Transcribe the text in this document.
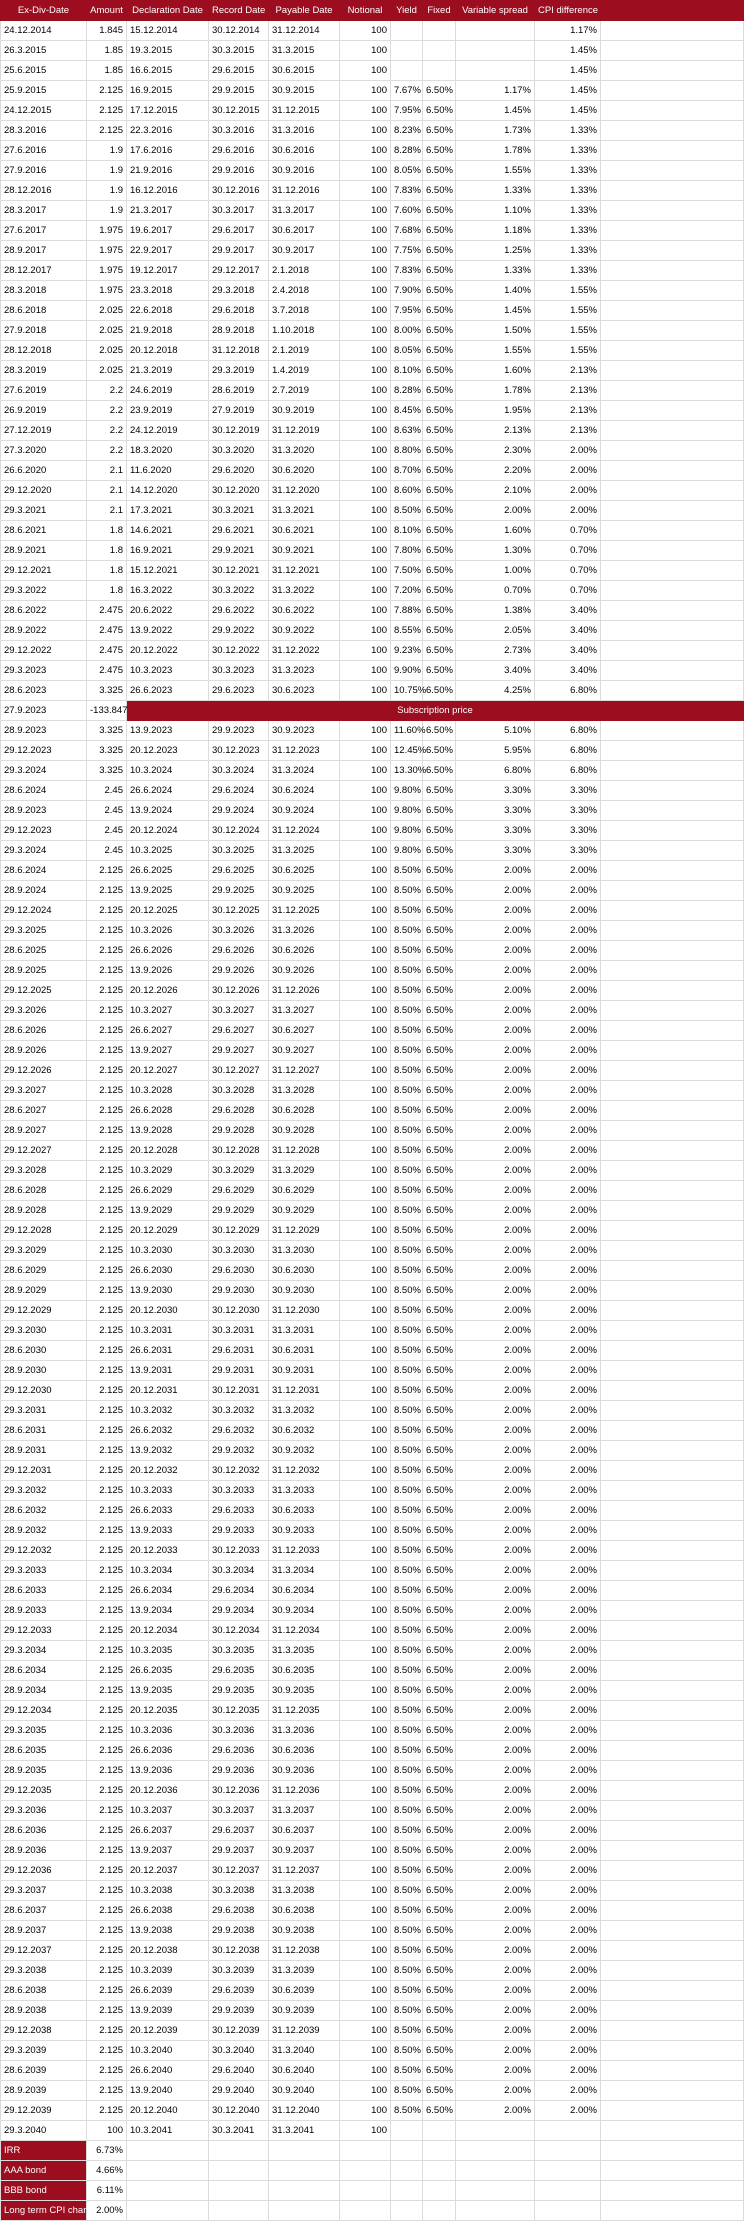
Ex-Div-Date	Amount	Declaration Date	Record Date	Payable Date	Notional	Yield	Fixed	Variable spread	CPI difference	
24.12.2014	1.845	15.12.2014	30.12.2014	31.12.2014	100				1.17%	
26.3.2015	1.85	19.3.2015	30.3.2015	31.3.2015	100				1.45%	
25.6.2015	1.85	16.6.2015	29.6.2015	30.6.2015	100				1.45%	
25.9.2015	2.125	16.9.2015	29.9.2015	30.9.2015	100	7.67%	6.50%	1.17%	1.45%	
24.12.2015	2.125	17.12.2015	30.12.2015	31.12.2015	100	7.95%	6.50%	1.45%	1.45%	
28.3.2016	2.125	22.3.2016	30.3.2016	31.3.2016	100	8.23%	6.50%	1.73%	1.33%	
27.6.2016	1.9	17.6.2016	29.6.2016	30.6.2016	100	8.28%	6.50%	1.78%	1.33%	
27.9.2016	1.9	21.9.2016	29.9.2016	30.9.2016	100	8.05%	6.50%	1.55%	1.33%	
28.12.2016	1.9	16.12.2016	30.12.2016	31.12.2016	100	7.83%	6.50%	1.33%	1.33%	
28.3.2017	1.9	21.3.2017	30.3.2017	31.3.2017	100	7.60%	6.50%	1.10%	1.33%	
27.6.2017	1.975	19.6.2017	29.6.2017	30.6.2017	100	7.68%	6.50%	1.18%	1.33%	
28.9.2017	1.975	22.9.2017	29.9.2017	30.9.2017	100	7.75%	6.50%	1.25%	1.33%	
28.12.2017	1.975	19.12.2017	29.12.2017	2.1.2018	100	7.83%	6.50%	1.33%	1.33%	
28.3.2018	1.975	23.3.2018	29.3.2018	2.4.2018	100	7.90%	6.50%	1.40%	1.55%	
28.6.2018	2.025	22.6.2018	29.6.2018	3.7.2018	100	7.95%	6.50%	1.45%	1.55%	
27.9.2018	2.025	21.9.2018	28.9.2018	1.10.2018	100	8.00%	6.50%	1.50%	1.55%	
28.12.2018	2.025	20.12.2018	31.12.2018	2.1.2019	100	8.05%	6.50%	1.55%	1.55%	
28.3.2019	2.025	21.3.2019	29.3.2019	1.4.2019	100	8.10%	6.50%	1.60%	2.13%	
27.6.2019	2.2	24.6.2019	28.6.2019	2.7.2019	100	8.28%	6.50%	1.78%	2.13%	
26.9.2019	2.2	23.9.2019	27.9.2019	30.9.2019	100	8.45%	6.50%	1.95%	2.13%	
27.12.2019	2.2	24.12.2019	30.12.2019	31.12.2019	100	8.63%	6.50%	2.13%	2.13%	
27.3.2020	2.2	18.3.2020	30.3.2020	31.3.2020	100	8.80%	6.50%	2.30%	2.00%	
26.6.2020	2.1	11.6.2020	29.6.2020	30.6.2020	100	8.70%	6.50%	2.20%	2.00%	
29.12.2020	2.1	14.12.2020	30.12.2020	31.12.2020	100	8.60%	6.50%	2.10%	2.00%	
29.3.2021	2.1	17.3.2021	30.3.2021	31.3.2021	100	8.50%	6.50%	2.00%	2.00%	
28.6.2021	1.8	14.6.2021	29.6.2021	30.6.2021	100	8.10%	6.50%	1.60%	0.70%	
28.9.2021	1.8	16.9.2021	29.9.2021	30.9.2021	100	7.80%	6.50%	1.30%	0.70%	
29.12.2021	1.8	15.12.2021	30.12.2021	31.12.2021	100	7.50%	6.50%	1.00%	0.70%	
29.3.2022	1.8	16.3.2022	30.3.2022	31.3.2022	100	7.20%	6.50%	0.70%	0.70%	
28.6.2022	2.475	20.6.2022	29.6.2022	30.6.2022	100	7.88%	6.50%	1.38%	3.40%	
28.9.2022	2.475	13.9.2022	29.9.2022	30.9.2022	100	8.55%	6.50%	2.05%	3.40%	
29.12.2022	2.475	20.12.2022	30.12.2022	31.12.2022	100	9.23%	6.50%	2.73%	3.40%	
29.3.2023	2.475	10.3.2023	30.3.2023	31.3.2023	100	9.90%	6.50%	3.40%	3.40%	
28.6.2023	3.325	26.6.2023	29.6.2023	30.6.2023	100	10.75%	6.50%	4.25%	6.80%	
27.9.2023	-133.847	Subscription price								
28.9.2023	3.325	13.9.2023	29.9.2023	30.9.2023	100	11.60%	6.50%	5.10%	6.80%	
29.12.2023	3.325	20.12.2023	30.12.2023	31.12.2023	100	12.45%	6.50%	5.95%	6.80%	
29.3.2024	3.325	10.3.2024	30.3.2024	31.3.2024	100	13.30%	6.50%	6.80%	6.80%	
28.6.2024	2.45	26.6.2024	29.6.2024	30.6.2024	100	9.80%	6.50%	3.30%	3.30%	
28.9.2023	2.45	13.9.2024	29.9.2024	30.9.2024	100	9.80%	6.50%	3.30%	3.30%	
29.12.2023	2.45	20.12.2024	30.12.2024	31.12.2024	100	9.80%	6.50%	3.30%	3.30%	
29.3.2024	2.45	10.3.2025	30.3.2025	31.3.2025	100	9.80%	6.50%	3.30%	3.30%	
28.6.2024	2.125	26.6.2025	29.6.2025	30.6.2025	100	8.50%	6.50%	2.00%	2.00%	
28.9.2024	2.125	13.9.2025	29.9.2025	30.9.2025	100	8.50%	6.50%	2.00%	2.00%	
29.12.2024	2.125	20.12.2025	30.12.2025	31.12.2025	100	8.50%	6.50%	2.00%	2.00%	
29.3.2025	2.125	10.3.2026	30.3.2026	31.3.2026	100	8.50%	6.50%	2.00%	2.00%	
28.6.2025	2.125	26.6.2026	29.6.2026	30.6.2026	100	8.50%	6.50%	2.00%	2.00%	
28.9.2025	2.125	13.9.2026	29.9.2026	30.9.2026	100	8.50%	6.50%	2.00%	2.00%	
29.12.2025	2.125	20.12.2026	30.12.2026	31.12.2026	100	8.50%	6.50%	2.00%	2.00%	
29.3.2026	2.125	10.3.2027	30.3.2027	31.3.2027	100	8.50%	6.50%	2.00%	2.00%	
28.6.2026	2.125	26.6.2027	29.6.2027	30.6.2027	100	8.50%	6.50%	2.00%	2.00%	
28.9.2026	2.125	13.9.2027	29.9.2027	30.9.2027	100	8.50%	6.50%	2.00%	2.00%	
29.12.2026	2.125	20.12.2027	30.12.2027	31.12.2027	100	8.50%	6.50%	2.00%	2.00%	
29.3.2027	2.125	10.3.2028	30.3.2028	31.3.2028	100	8.50%	6.50%	2.00%	2.00%	
28.6.2027	2.125	26.6.2028	29.6.2028	30.6.2028	100	8.50%	6.50%	2.00%	2.00%	
28.9.2027	2.125	13.9.2028	29.9.2028	30.9.2028	100	8.50%	6.50%	2.00%	2.00%	
29.12.2027	2.125	20.12.2028	30.12.2028	31.12.2028	100	8.50%	6.50%	2.00%	2.00%	
29.3.2028	2.125	10.3.2029	30.3.2029	31.3.2029	100	8.50%	6.50%	2.00%	2.00%	
28.6.2028	2.125	26.6.2029	29.6.2029	30.6.2029	100	8.50%	6.50%	2.00%	2.00%	
28.9.2028	2.125	13.9.2029	29.9.2029	30.9.2029	100	8.50%	6.50%	2.00%	2.00%	
29.12.2028	2.125	20.12.2029	30.12.2029	31.12.2029	100	8.50%	6.50%	2.00%	2.00%	
29.3.2029	2.125	10.3.2030	30.3.2030	31.3.2030	100	8.50%	6.50%	2.00%	2.00%	
28.6.2029	2.125	26.6.2030	29.6.2030	30.6.2030	100	8.50%	6.50%	2.00%	2.00%	
28.9.2029	2.125	13.9.2030	29.9.2030	30.9.2030	100	8.50%	6.50%	2.00%	2.00%	
29.12.2029	2.125	20.12.2030	30.12.2030	31.12.2030	100	8.50%	6.50%	2.00%	2.00%	
29.3.2030	2.125	10.3.2031	30.3.2031	31.3.2031	100	8.50%	6.50%	2.00%	2.00%	
28.6.2030	2.125	26.6.2031	29.6.2031	30.6.2031	100	8.50%	6.50%	2.00%	2.00%	
28.9.2030	2.125	13.9.2031	29.9.2031	30.9.2031	100	8.50%	6.50%	2.00%	2.00%	
29.12.2030	2.125	20.12.2031	30.12.2031	31.12.2031	100	8.50%	6.50%	2.00%	2.00%	
29.3.2031	2.125	10.3.2032	30.3.2032	31.3.2032	100	8.50%	6.50%	2.00%	2.00%	
28.6.2031	2.125	26.6.2032	29.6.2032	30.6.2032	100	8.50%	6.50%	2.00%	2.00%	
28.9.2031	2.125	13.9.2032	29.9.2032	30.9.2032	100	8.50%	6.50%	2.00%	2.00%	
29.12.2031	2.125	20.12.2032	30.12.2032	31.12.2032	100	8.50%	6.50%	2.00%	2.00%	
29.3.2032	2.125	10.3.2033	30.3.2033	31.3.2033	100	8.50%	6.50%	2.00%	2.00%	
28.6.2032	2.125	26.6.2033	29.6.2033	30.6.2033	100	8.50%	6.50%	2.00%	2.00%	
28.9.2032	2.125	13.9.2033	29.9.2033	30.9.2033	100	8.50%	6.50%	2.00%	2.00%	
29.12.2032	2.125	20.12.2033	30.12.2033	31.12.2033	100	8.50%	6.50%	2.00%	2.00%	
29.3.2033	2.125	10.3.2034	30.3.2034	31.3.2034	100	8.50%	6.50%	2.00%	2.00%	
28.6.2033	2.125	26.6.2034	29.6.2034	30.6.2034	100	8.50%	6.50%	2.00%	2.00%	
28.9.2033	2.125	13.9.2034	29.9.2034	30.9.2034	100	8.50%	6.50%	2.00%	2.00%	
29.12.2033	2.125	20.12.2034	30.12.2034	31.12.2034	100	8.50%	6.50%	2.00%	2.00%	
29.3.2034	2.125	10.3.2035	30.3.2035	31.3.2035	100	8.50%	6.50%	2.00%	2.00%	
28.6.2034	2.125	26.6.2035	29.6.2035	30.6.2035	100	8.50%	6.50%	2.00%	2.00%	
28.9.2034	2.125	13.9.2035	29.9.2035	30.9.2035	100	8.50%	6.50%	2.00%	2.00%	
29.12.2034	2.125	20.12.2035	30.12.2035	31.12.2035	100	8.50%	6.50%	2.00%	2.00%	
29.3.2035	2.125	10.3.2036	30.3.2036	31.3.2036	100	8.50%	6.50%	2.00%	2.00%	
28.6.2035	2.125	26.6.2036	29.6.2036	30.6.2036	100	8.50%	6.50%	2.00%	2.00%	
28.9.2035	2.125	13.9.2036	29.9.2036	30.9.2036	100	8.50%	6.50%	2.00%	2.00%	
29.12.2035	2.125	20.12.2036	30.12.2036	31.12.2036	100	8.50%	6.50%	2.00%	2.00%	
29.3.2036	2.125	10.3.2037	30.3.2037	31.3.2037	100	8.50%	6.50%	2.00%	2.00%	
28.6.2036	2.125	26.6.2037	29.6.2037	30.6.2037	100	8.50%	6.50%	2.00%	2.00%	
28.9.2036	2.125	13.9.2037	29.9.2037	30.9.2037	100	8.50%	6.50%	2.00%	2.00%	
29.12.2036	2.125	20.12.2037	30.12.2037	31.12.2037	100	8.50%	6.50%	2.00%	2.00%	
29.3.2037	2.125	10.3.2038	30.3.2038	31.3.2038	100	8.50%	6.50%	2.00%	2.00%	
28.6.2037	2.125	26.6.2038	29.6.2038	30.6.2038	100	8.50%	6.50%	2.00%	2.00%	
28.9.2037	2.125	13.9.2038	29.9.2038	30.9.2038	100	8.50%	6.50%	2.00%	2.00%	
29.12.2037	2.125	20.12.2038	30.12.2038	31.12.2038	100	8.50%	6.50%	2.00%	2.00%	
29.3.2038	2.125	10.3.2039	30.3.2039	31.3.2039	100	8.50%	6.50%	2.00%	2.00%	
28.6.2038	2.125	26.6.2039	29.6.2039	30.6.2039	100	8.50%	6.50%	2.00%	2.00%	
28.9.2038	2.125	13.9.2039	29.9.2039	30.9.2039	100	8.50%	6.50%	2.00%	2.00%	
29.12.2038	2.125	20.12.2039	30.12.2039	31.12.2039	100	8.50%	6.50%	2.00%	2.00%	
29.3.2039	2.125	10.3.2040	30.3.2040	31.3.2040	100	8.50%	6.50%	2.00%	2.00%	
28.6.2039	2.125	26.6.2040	29.6.2040	30.6.2040	100	8.50%	6.50%	2.00%	2.00%	
28.9.2039	2.125	13.9.2040	29.9.2040	30.9.2040	100	8.50%	6.50%	2.00%	2.00%	
29.12.2039	2.125	20.12.2040	30.12.2040	31.12.2040	100	8.50%	6.50%	2.00%	2.00%	
29.3.2040	100	10.3.2041	30.3.2041	31.3.2041	100					
IRR	6.73%									
AAA bond	4.66%									
BBB bond	6.11%									
Long term CPI change	2.00%									
